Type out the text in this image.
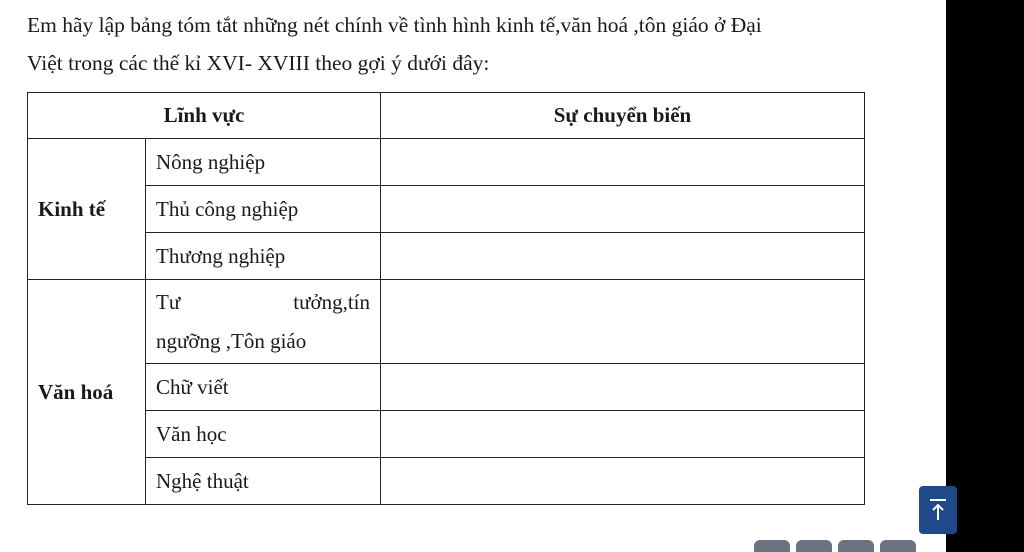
Em hãy lập bảng tóm tắt những nét chính về tình hình kinh tế,văn hoá ,tôn giáo ở Đại
Việt trong các thế kỉ XVI- XVIII theo gợi ý dưới đây:

Lĩnh vực		Sự chuyển biến
Kinh tế	Nông nghiệp	
	Thủ công nghiệp	
	Thương nghiệp	
Văn hoá	Tư tưởng,tín
ngưỡng ,Tôn giáo	

	Chữ viết	
	Văn học	
	Nghệ thuật	
